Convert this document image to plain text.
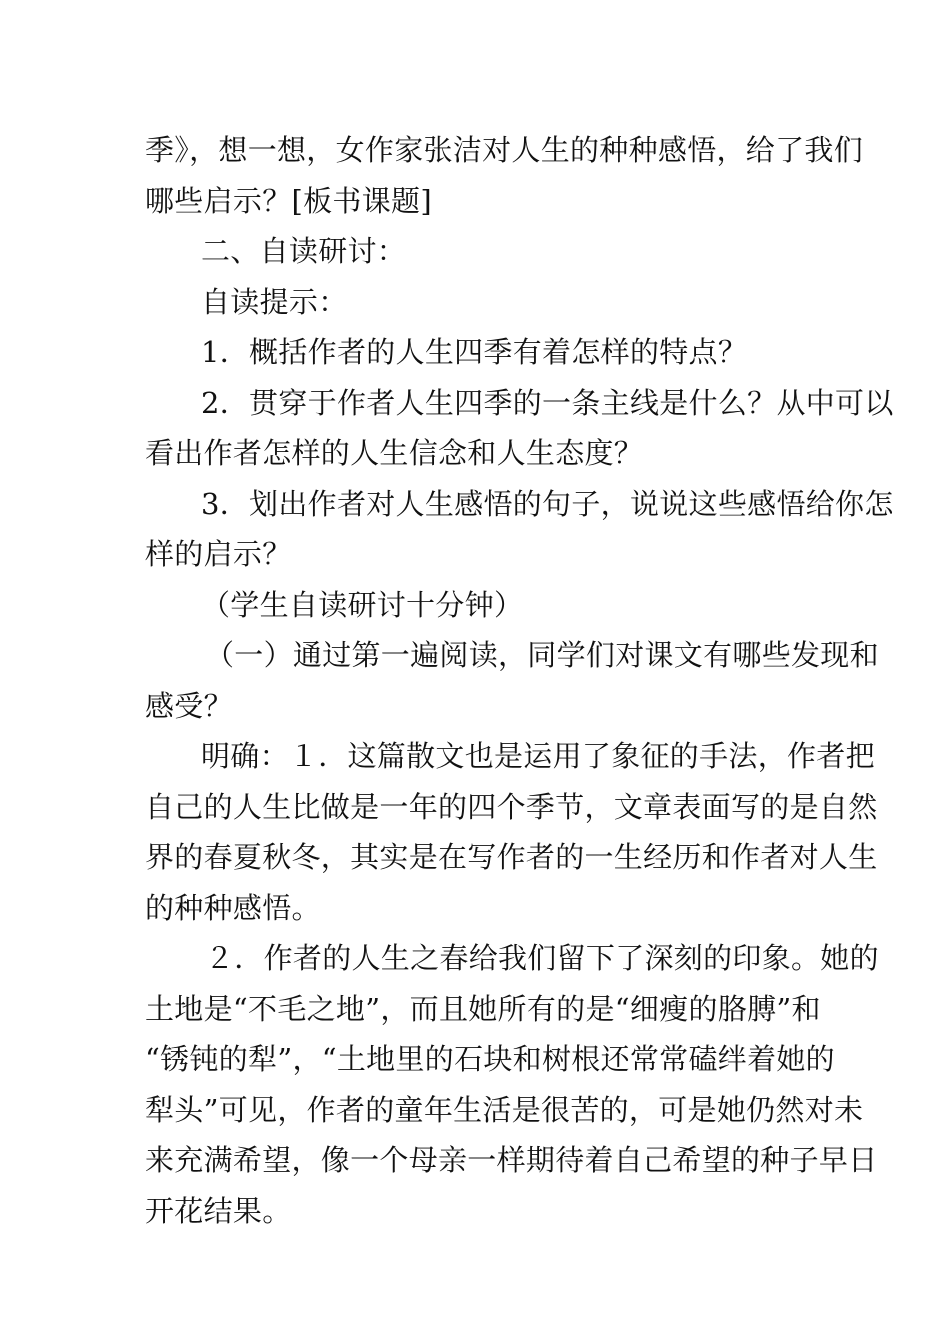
季》，想一想，女作家张洁对人生的种种感悟，给了我们
哪些启示？[板书课题]
二、自读研讨：
自读提示：
1．概括作者的人生四季有着怎样的特点？
2．贯穿于作者人生四季的一条主线是什么？从中可以
看出作者怎样的人生信念和人生态度？
3．划出作者对人生感悟的句子，说说这些感悟给你怎
样的启示？
（学生自读研讨十分钟）
（一）通过第一遍阅读，同学们对课文有哪些发现和
感受？
明确：１．这篇散文也是运用了象征的手法，作者把
自己的人生比做是一年的四个季节，文章表面写的是自然
界的春夏秋冬，其实是在写作者的一生经历和作者对人生
的种种感悟。
２．作者的人生之春给我们留下了深刻的印象。她的
土地是“不毛之地”，而且她所有的是“细瘦的胳膊”和
“锈钝的犁”，“土地里的石块和树根还常常磕绊着她的
犁头”可见，作者的童年生活是很苦的，可是她仍然对未
来充满希望，像一个母亲一样期待着自己希望的种子早日
开花结果。
